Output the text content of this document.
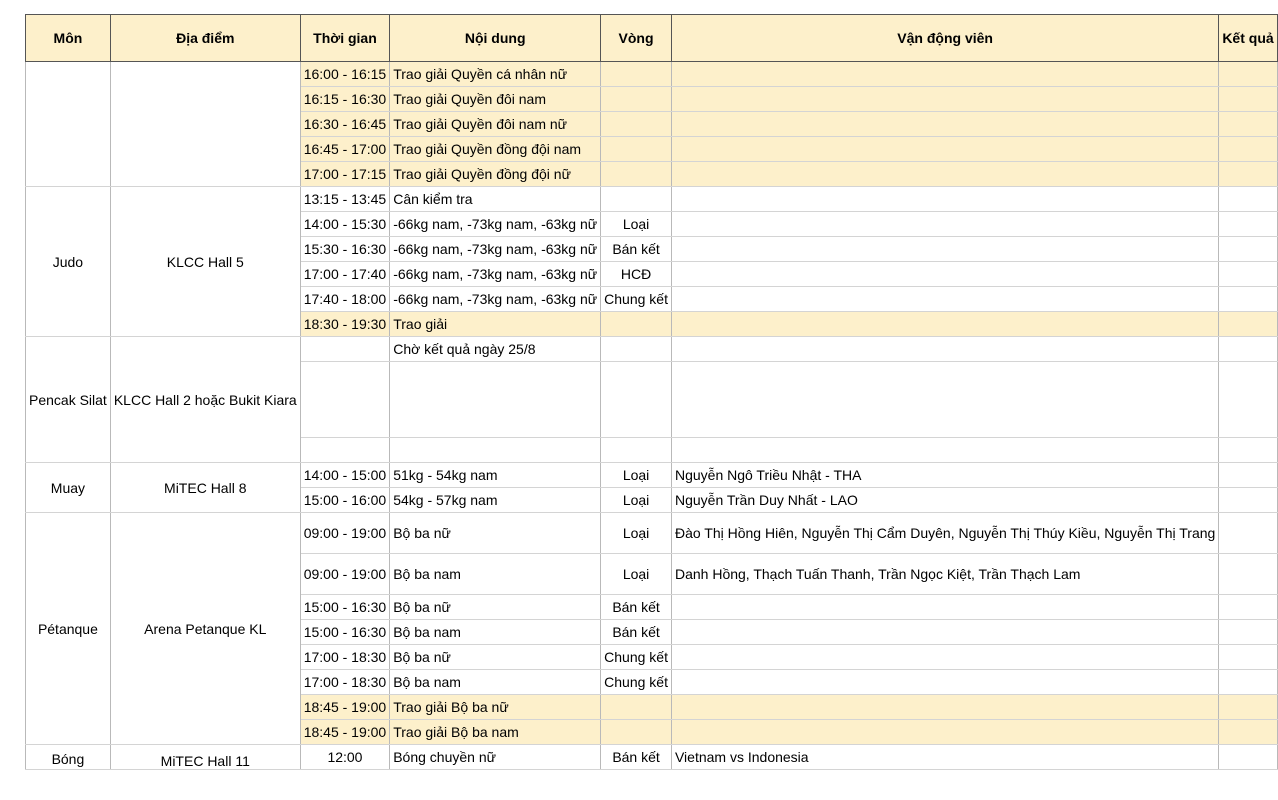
Môn	Địa điểm	Thời gian	Nội dung	Vòng	Vận động viên	Kết quả
		16:00 - 16:15	Trao giải Quyền cá nhân nữ			
		16:15 - 16:30	Trao giải Quyền đôi nam			
		16:30 - 16:45	Trao giải Quyền đôi nam nữ			
		16:45 - 17:00	Trao giải Quyền đồng đội nam			
		17:00 - 17:15	Trao giải Quyền đồng đội nữ			
Judo	KLCC Hall 5	13:15 - 13:45	Cân kiểm tra			
		14:00 - 15:30	-66kg nam, -73kg nam, -63kg nữ	Loại		
		15:30 - 16:30	-66kg nam, -73kg nam, -63kg nữ	Bán kết		
		17:00 - 17:40	-66kg nam, -73kg nam, -63kg nữ	HCĐ		
		17:40 - 18:00	-66kg nam, -73kg nam, -63kg nữ	Chung kết		
		18:30 - 19:30	Trao giải			
Pencak Silat	KLCC Hall 2 hoặc Bukit Kiara		Chờ kết quả ngày 25/8			

Muay	MiTEC Hall 8	14:00 - 15:00	51kg - 54kg nam	Loại	Nguyễn Ngô Triều Nhật - THA	
		15:00 - 16:00	54kg - 57kg nam	Loại	Nguyễn Trần Duy Nhất - LAO	
Pétanque	Arena Petanque KL	09:00 - 19:00	Bộ ba nữ	Loại	Đào Thị Hồng Hiên, Nguyễn Thị Cẩm Duyên, Nguyễn Thị Thúy Kiều, Nguyễn Thị Trang	
		09:00 - 19:00	Bộ ba nam	Loại	Danh Hồng, Thạch Tuấn Thanh, Trần Ngọc Kiệt, Trần Thạch Lam	
		15:00 - 16:30	Bộ ba nữ	Bán kết		
		15:00 - 16:30	Bộ ba nam	Bán kết		
		17:00 - 18:30	Bộ ba nữ	Chung kết		
		17:00 - 18:30	Bộ ba nam	Chung kết		
		18:45 - 19:00	Trao giải Bộ ba nữ			
		18:45 - 19:00	Trao giải Bộ ba nam			
Bóng	MiTEC Hall 11	12:00	Bóng chuyền nữ	Bán kết	Vietnam vs Indonesia	
